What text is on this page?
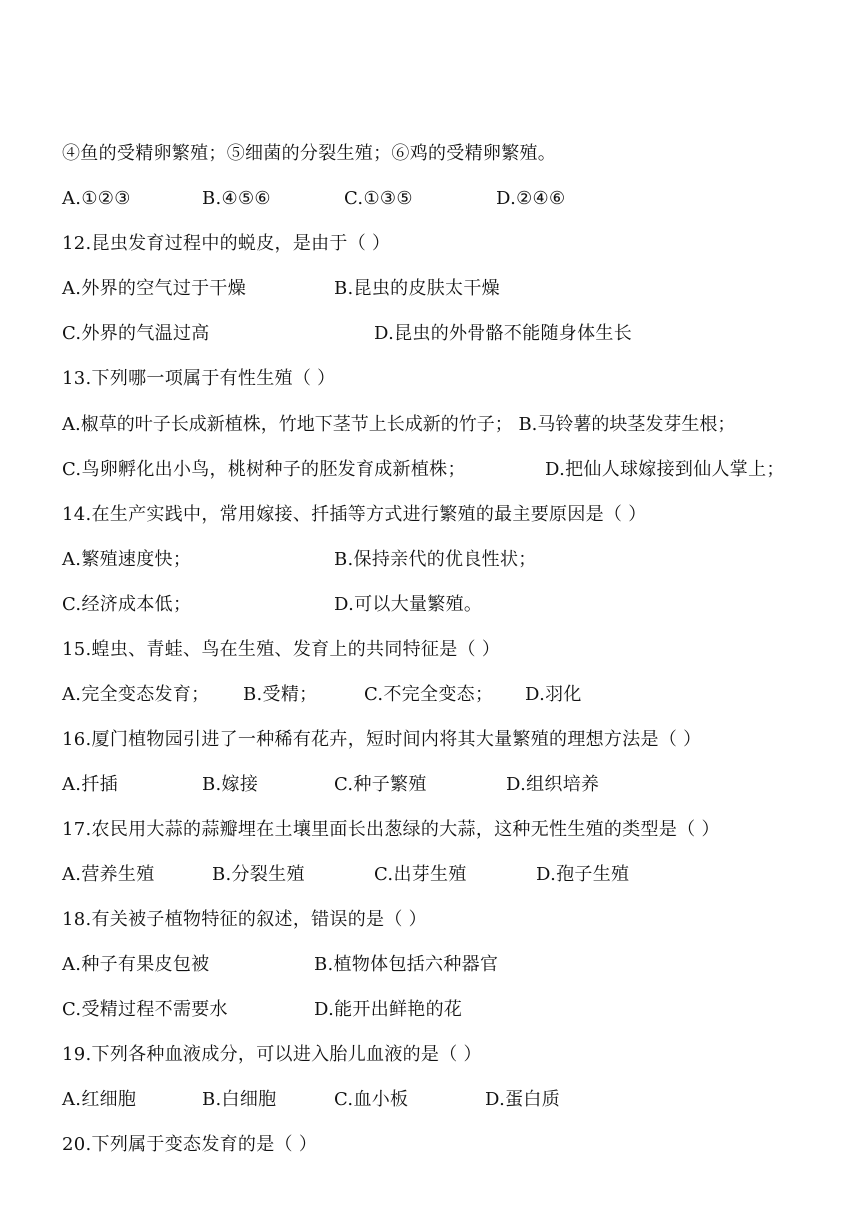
④鱼的受精卵繁殖；⑤细菌的分裂生殖；⑥鸡的受精卵繁殖。
A.①②③	B.④⑤⑥	C.①③⑤	D.②④⑥
12.昆虫发育过程中的蜕皮，是由于（ ）
A.外界的空气过于干燥	B.昆虫的皮肤太干燥
C.外界的气温过高	D.昆虫的外骨骼不能随身体生长
13.下列哪一项属于有性生殖（ ）
A.椒草的叶子长成新植株，竹地下茎节上长成新的竹子； B.马铃薯的块茎发芽生根；
C.鸟卵孵化出小鸟，桃树种子的胚发育成新植株；	D.把仙人球嫁接到仙人掌上；
14.在生产实践中，常用嫁接、扦插等方式进行繁殖的最主要原因是（ ）
A.繁殖速度快；	B.保持亲代的优良性状；
C.经济成本低；	D.可以大量繁殖。
15.蝗虫、青蛙、鸟在生殖、发育上的共同特征是（ ）
A.完全变态发育； B.受精；	C.不完全变态； D.羽化
16.厦门植物园引进了一种稀有花卉，短时间内将其大量繁殖的理想方法是（ ）
A.扦插	B.嫁接	C.种子繁殖	D.组织培养
17.农民用大蒜的蒜瓣埋在土壤里面长出葱绿的大蒜，这种无性生殖的类型是（ ）
A.营养生殖	B.分裂生殖	C.出芽生殖	D.孢子生殖
18.有关被子植物特征的叙述，错误的是（ ）
A.种子有果皮包被	B.植物体包括六种器官
C.受精过程不需要水	D.能开出鲜艳的花
19.下列各种血液成分，可以进入胎儿血液的是（ ）
A.红细胞	B.白细胞	C.血小板	D.蛋白质
20.下列属于变态发育的是（ ）
